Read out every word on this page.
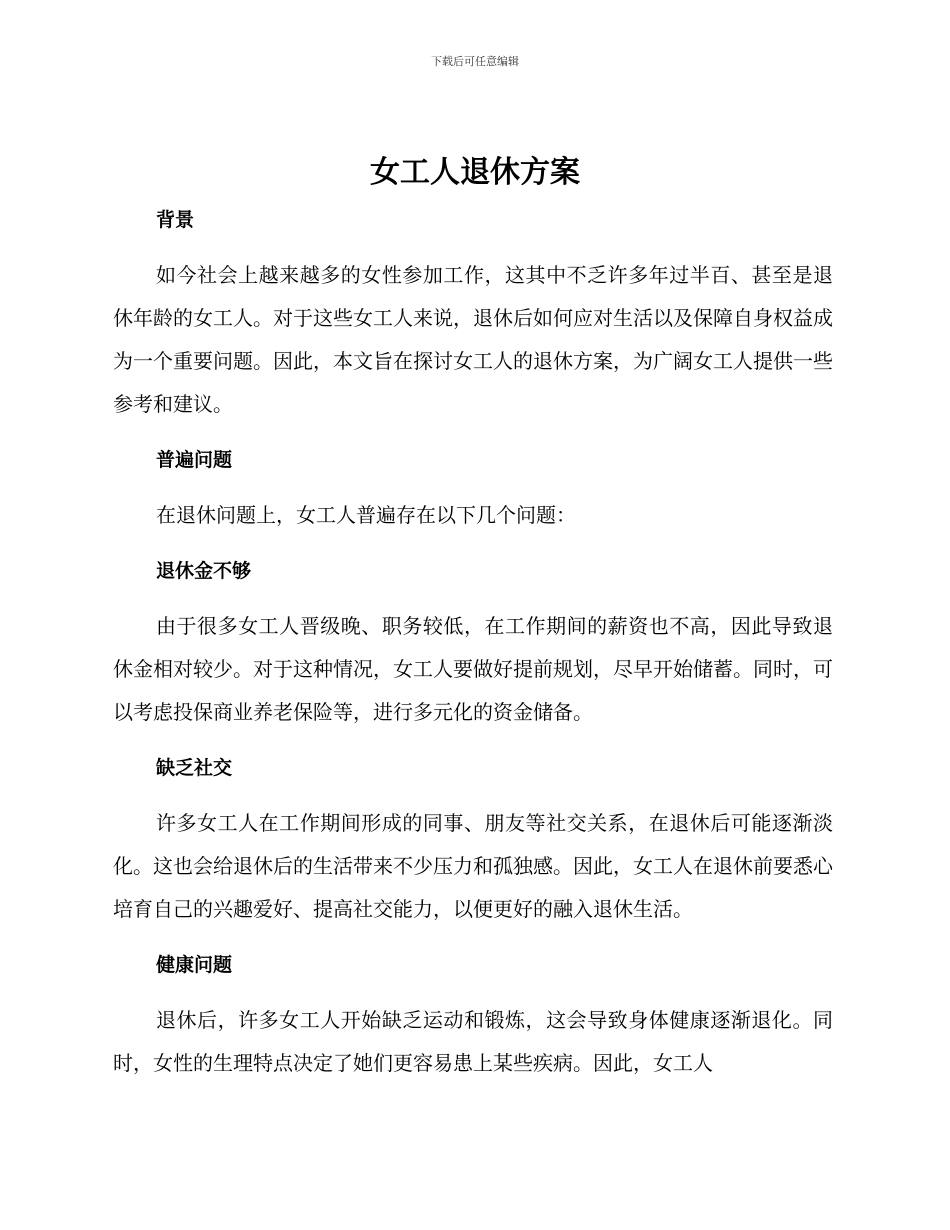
下载后可任意编辑
女工人退休方案
背景
如今社会上越来越多的女性参加工作，这其中不乏许多年过半百、甚至是退休年龄的女工人。对于这些女工人来说，退休后如何应对生活以及保障自身权益成为一个重要问题。因此，本文旨在探讨女工人的退休方案，为广阔女工人提供一些参考和建议。
普遍问题
在退休问题上，女工人普遍存在以下几个问题：
退休金不够
由于很多女工人晋级晚、职务较低，在工作期间的薪资也不高，因此导致退休金相对较少。对于这种情况，女工人要做好提前规划，尽早开始储蓄。同时，可以考虑投保商业养老保险等，进行多元化的资金储备。
缺乏社交
许多女工人在工作期间形成的同事、朋友等社交关系，在退休后可能逐渐淡化。这也会给退休后的生活带来不少压力和孤独感。因此，女工人在退休前要悉心培育自己的兴趣爱好、提高社交能力，以便更好的融入退休生活。
健康问题
退休后，许多女工人开始缺乏运动和锻炼，这会导致身体健康逐渐退化。同时，女性的生理特点决定了她们更容易患上某些疾病。因此，女工人
